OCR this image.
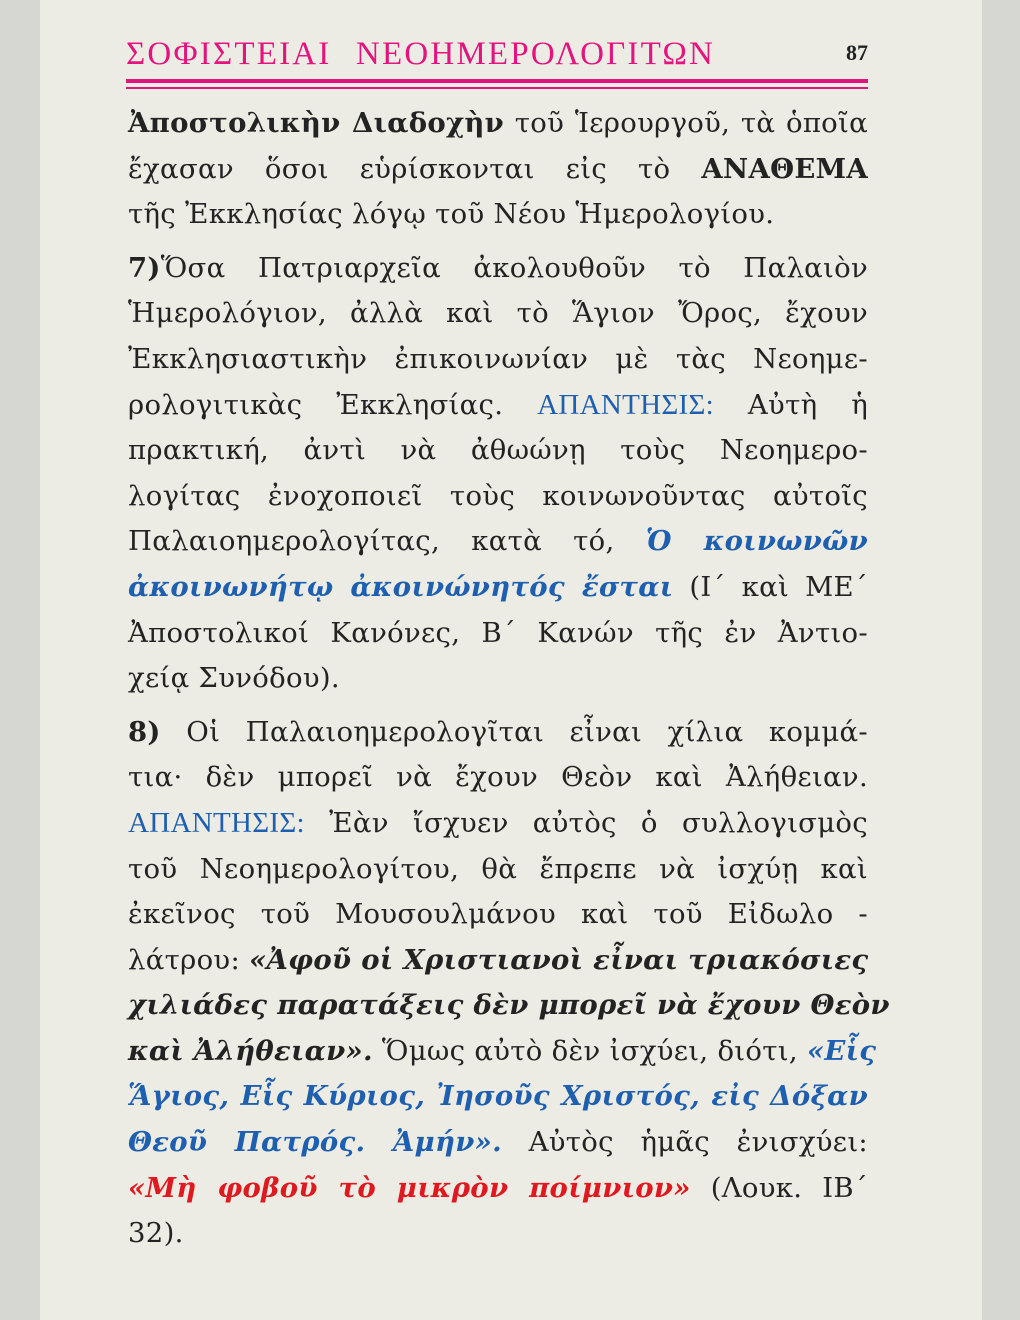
ΣΟΦΙΣΤΕΙΑΙ ΝΕΟΗΜΕΡΟΛΟΓΙΤΩΝ	87
Ἀποστολικὴν Διαδοχὴν τοῦ Ἱερουργοῦ, τὰ ὁποῖα
ἔχασαν ὅσοι εὑρίσκονται εἰς τὸ ΑΝΑΘΕΜΑ
τῆς Ἐκκλησίας λόγῳ τοῦ Νέου Ἡμερολογίου.
7)Ὅσα Πατριαρχεῖα ἀκολουθοῦν τὸ Παλαιὸν
Ἡμερολόγιον, ἀλλὰ καὶ τὸ Ἅγιον Ὄρος, ἔχουν
Ἐκκλησιαστικὴν ἐπικοινωνίαν μὲ τὰς Νεοημε-
ρολογιτικὰς Ἐκκλησίας. ΑΠΑΝΤΗΣΙΣ: Αὐτὴ ἡ
πρακτική, ἀντὶ νὰ ἀθωώνῃ τοὺς Νεοημερο-
λογίτας ἐνοχοποιεῖ τοὺς κοινωνοῦντας αὐτοῖς
Παλαιοημερολογίτας, κατὰ τό, Ὁ κοινωνῶν
ἀκοινωνήτῳ ἀκοινώνητός ἔσται (Ι΄ καὶ ΜΕ΄
Ἀποστολικοί Κανόνες, Β΄ Κανών τῆς ἐν Ἀντιο-
χείᾳ Συνόδου).
8) Οἱ Παλαιοημερολογῖται εἶναι χίλια κομμά-
τια· δὲν μπορεῖ νὰ ἔχουν Θεὸν καὶ Ἀλήθειαν.
ΑΠΑΝΤΗΣΙΣ: Ἐὰν ἴσχυεν αὐτὸς ὁ συλλογισμὸς
τοῦ Νεοημερολογίτου, θὰ ἔπρεπε νὰ ἰσχύῃ καὶ
ἐκεῖνος τοῦ Μουσουλμάνου καὶ τοῦ Εἰδωλο -
λάτρου: «Ἀφοῦ οἱ Χριστιανοὶ εἶναι τριακόσιες
χιλιάδες παρατάξεις δὲν μπορεῖ νὰ ἔχουν Θεὸν
καὶ Ἀλήθειαν». Ὅμως αὐτὸ δὲν ἰσχύει, διότι, «Εἷς
Ἅγιος, Εἷς Κύριος, Ἰησοῦς Χριστός, εἰς Δόξαν
Θεοῦ Πατρός. Ἀμήν». Αὐτὸς ἡμᾶς ἐνισχύει:
«Μὴ φοβοῦ τὸ μικρὸν ποίμνιον» (Λουκ. ΙΒ΄
32).
